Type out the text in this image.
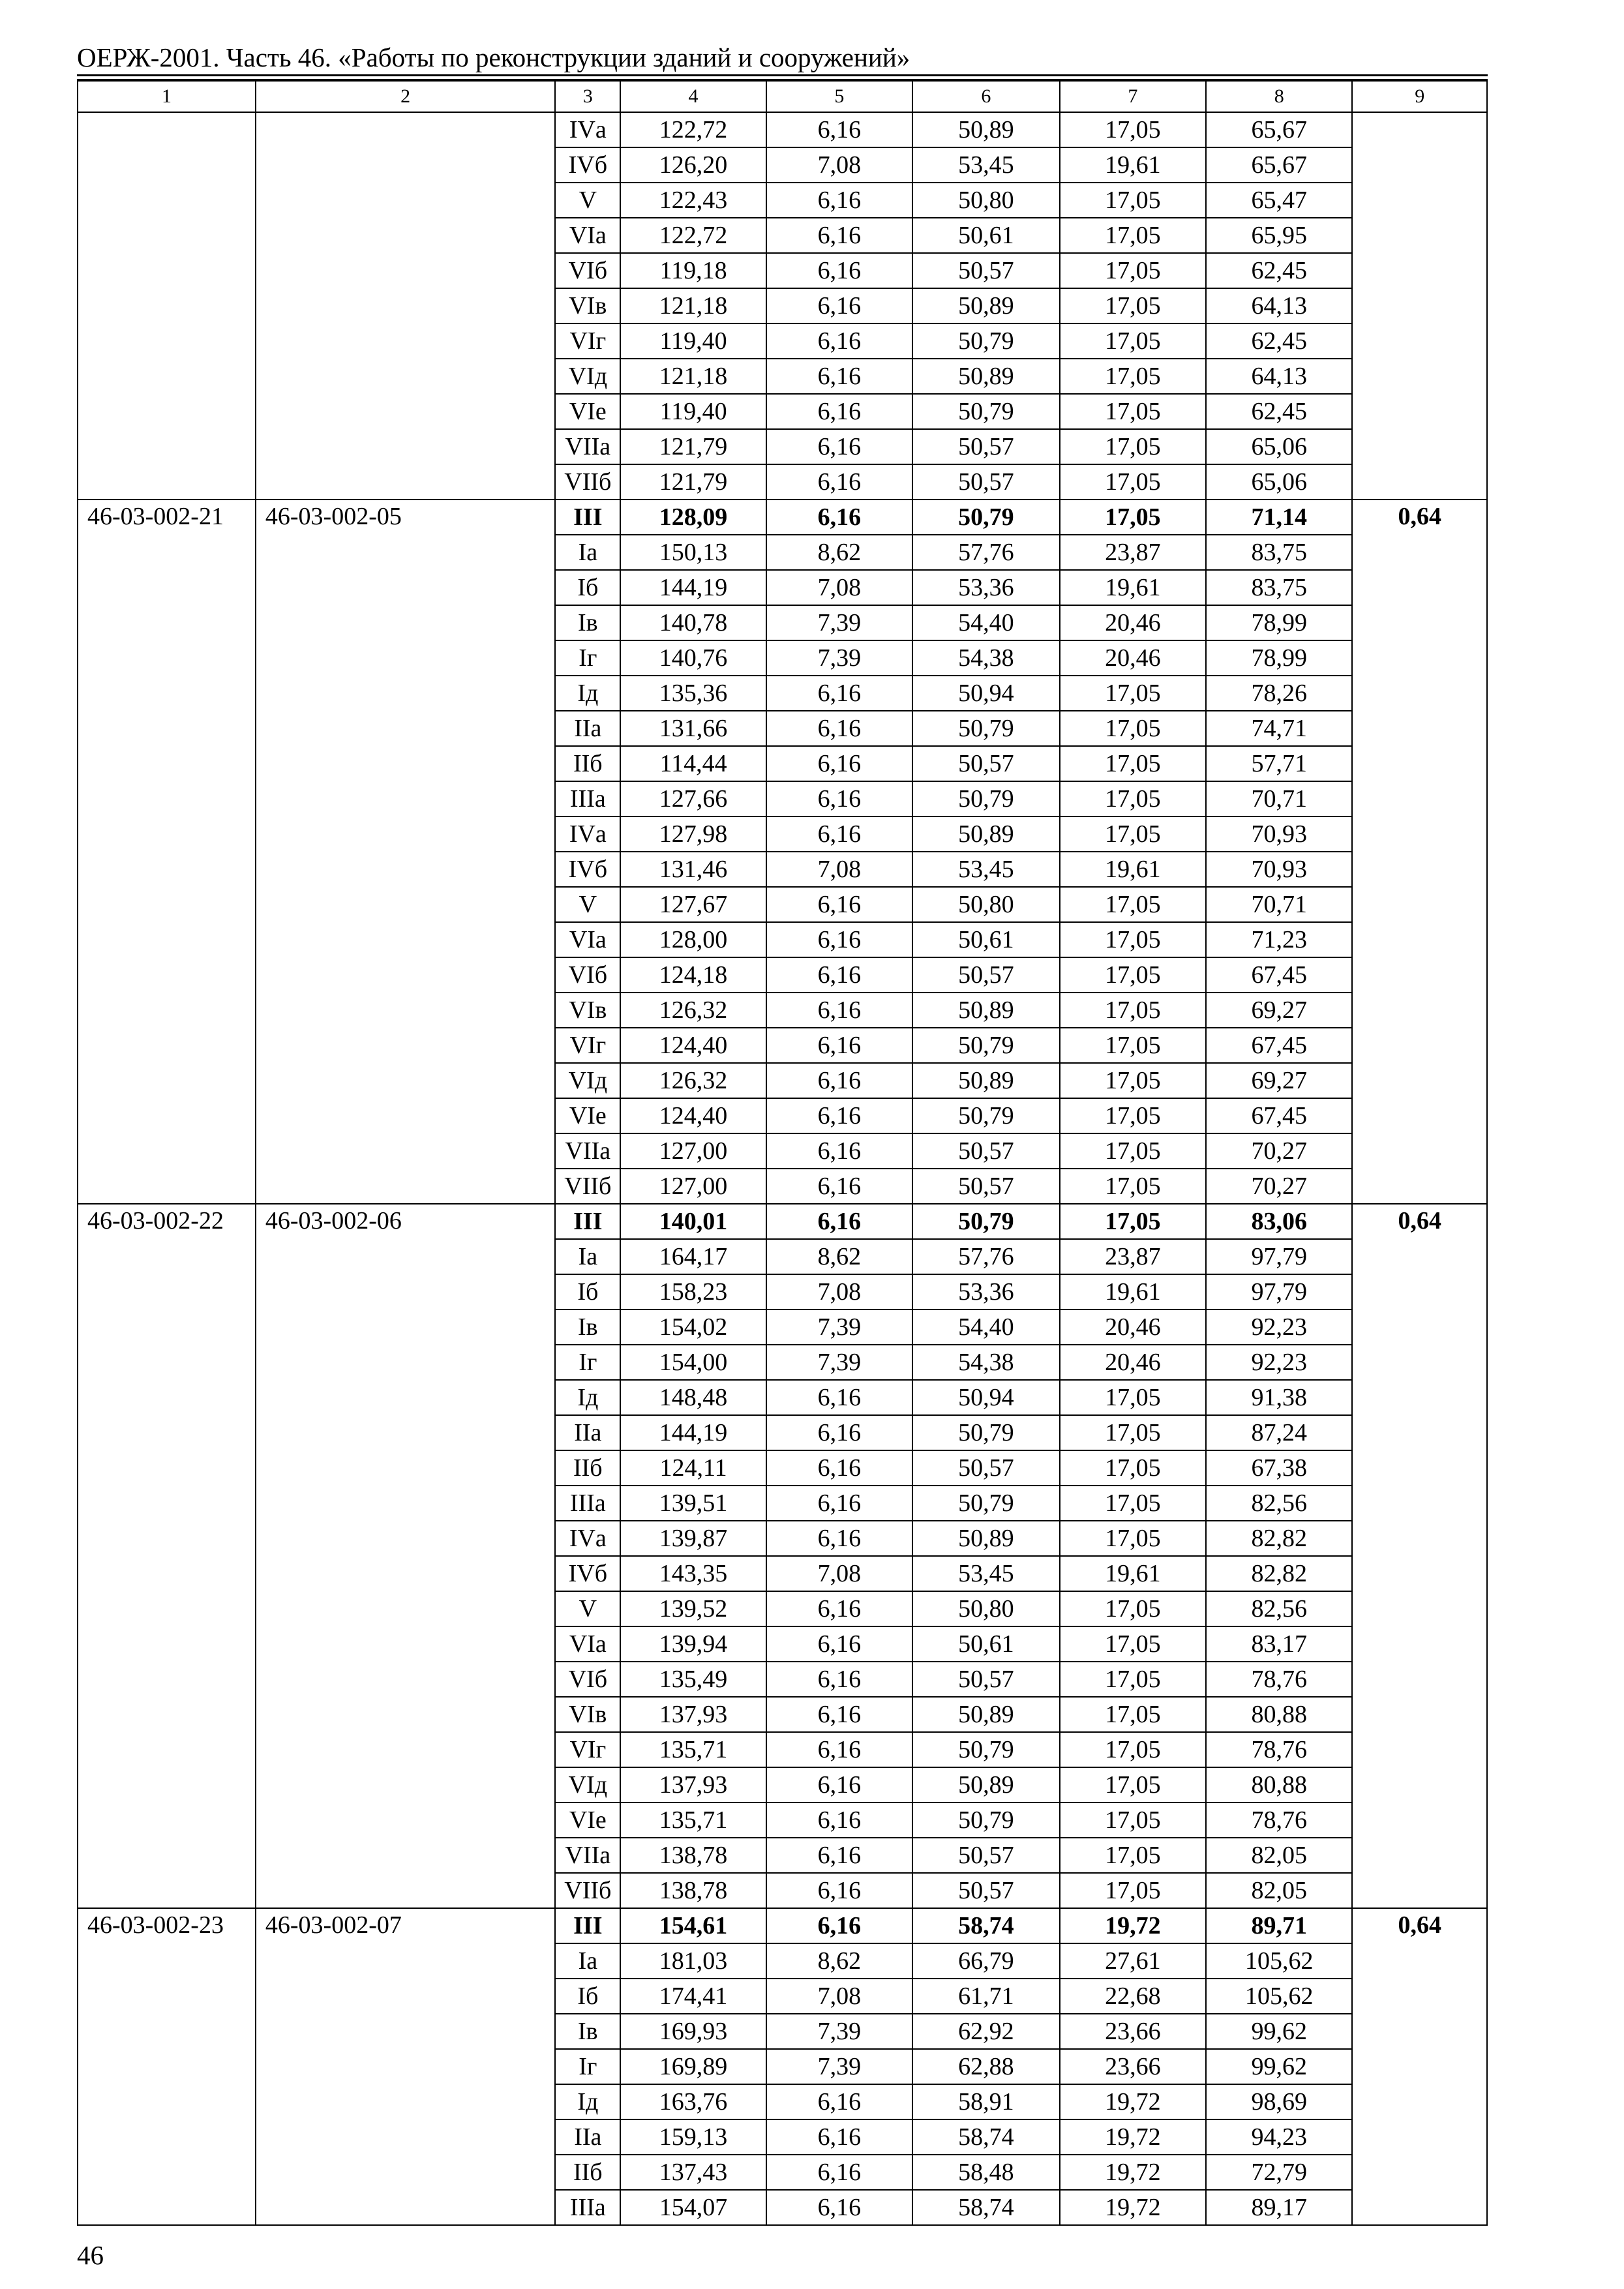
ОЕРЖ-2001. Часть 46. «Работы по реконструкции зданий и сооружений»
1	2	3	4	5	6	7	8	9
		IVа	122,72	6,16	50,89	17,05	65,67	
		IVб	126,20	7,08	53,45	19,61	65,67	
		V	122,43	6,16	50,80	17,05	65,47	
		VIа	122,72	6,16	50,61	17,05	65,95	
		VIб	119,18	6,16	50,57	17,05	62,45	
		VIв	121,18	6,16	50,89	17,05	64,13	
		VIг	119,40	6,16	50,79	17,05	62,45	
		VIд	121,18	6,16	50,89	17,05	64,13	
		VIе	119,40	6,16	50,79	17,05	62,45	
		VIIа	121,79	6,16	50,57	17,05	65,06	
		VIIб	121,79	6,16	50,57	17,05	65,06	
46-03-002-21	46-03-002-05	III	128,09	6,16	50,79	17,05	71,14	0,64
		Iа	150,13	8,62	57,76	23,87	83,75	
		Iб	144,19	7,08	53,36	19,61	83,75	
		Iв	140,78	7,39	54,40	20,46	78,99	
		Iг	140,76	7,39	54,38	20,46	78,99	
		Iд	135,36	6,16	50,94	17,05	78,26	
		IIа	131,66	6,16	50,79	17,05	74,71	
		IIб	114,44	6,16	50,57	17,05	57,71	
		IIIа	127,66	6,16	50,79	17,05	70,71	
		IVа	127,98	6,16	50,89	17,05	70,93	
		IVб	131,46	7,08	53,45	19,61	70,93	
		V	127,67	6,16	50,80	17,05	70,71	
		VIа	128,00	6,16	50,61	17,05	71,23	
		VIб	124,18	6,16	50,57	17,05	67,45	
		VIв	126,32	6,16	50,89	17,05	69,27	
		VIг	124,40	6,16	50,79	17,05	67,45	
		VIд	126,32	6,16	50,89	17,05	69,27	
		VIе	124,40	6,16	50,79	17,05	67,45	
		VIIа	127,00	6,16	50,57	17,05	70,27	
		VIIб	127,00	6,16	50,57	17,05	70,27	
46-03-002-22	46-03-002-06	III	140,01	6,16	50,79	17,05	83,06	0,64
		Iа	164,17	8,62	57,76	23,87	97,79	
		Iб	158,23	7,08	53,36	19,61	97,79	
		Iв	154,02	7,39	54,40	20,46	92,23	
		Iг	154,00	7,39	54,38	20,46	92,23	
		Iд	148,48	6,16	50,94	17,05	91,38	
		IIа	144,19	6,16	50,79	17,05	87,24	
		IIб	124,11	6,16	50,57	17,05	67,38	
		IIIа	139,51	6,16	50,79	17,05	82,56	
		IVа	139,87	6,16	50,89	17,05	82,82	
		IVб	143,35	7,08	53,45	19,61	82,82	
		V	139,52	6,16	50,80	17,05	82,56	
		VIа	139,94	6,16	50,61	17,05	83,17	
		VIб	135,49	6,16	50,57	17,05	78,76	
		VIв	137,93	6,16	50,89	17,05	80,88	
		VIг	135,71	6,16	50,79	17,05	78,76	
		VIд	137,93	6,16	50,89	17,05	80,88	
		VIе	135,71	6,16	50,79	17,05	78,76	
		VIIа	138,78	6,16	50,57	17,05	82,05	
		VIIб	138,78	6,16	50,57	17,05	82,05	
46-03-002-23	46-03-002-07	III	154,61	6,16	58,74	19,72	89,71	0,64
		Iа	181,03	8,62	66,79	27,61	105,62	
		Iб	174,41	7,08	61,71	22,68	105,62	
		Iв	169,93	7,39	62,92	23,66	99,62	
		Iг	169,89	7,39	62,88	23,66	99,62	
		Iд	163,76	6,16	58,91	19,72	98,69	
		IIа	159,13	6,16	58,74	19,72	94,23	
		IIб	137,43	6,16	58,48	19,72	72,79	
		IIIа	154,07	6,16	58,74	19,72	89,17	
46
